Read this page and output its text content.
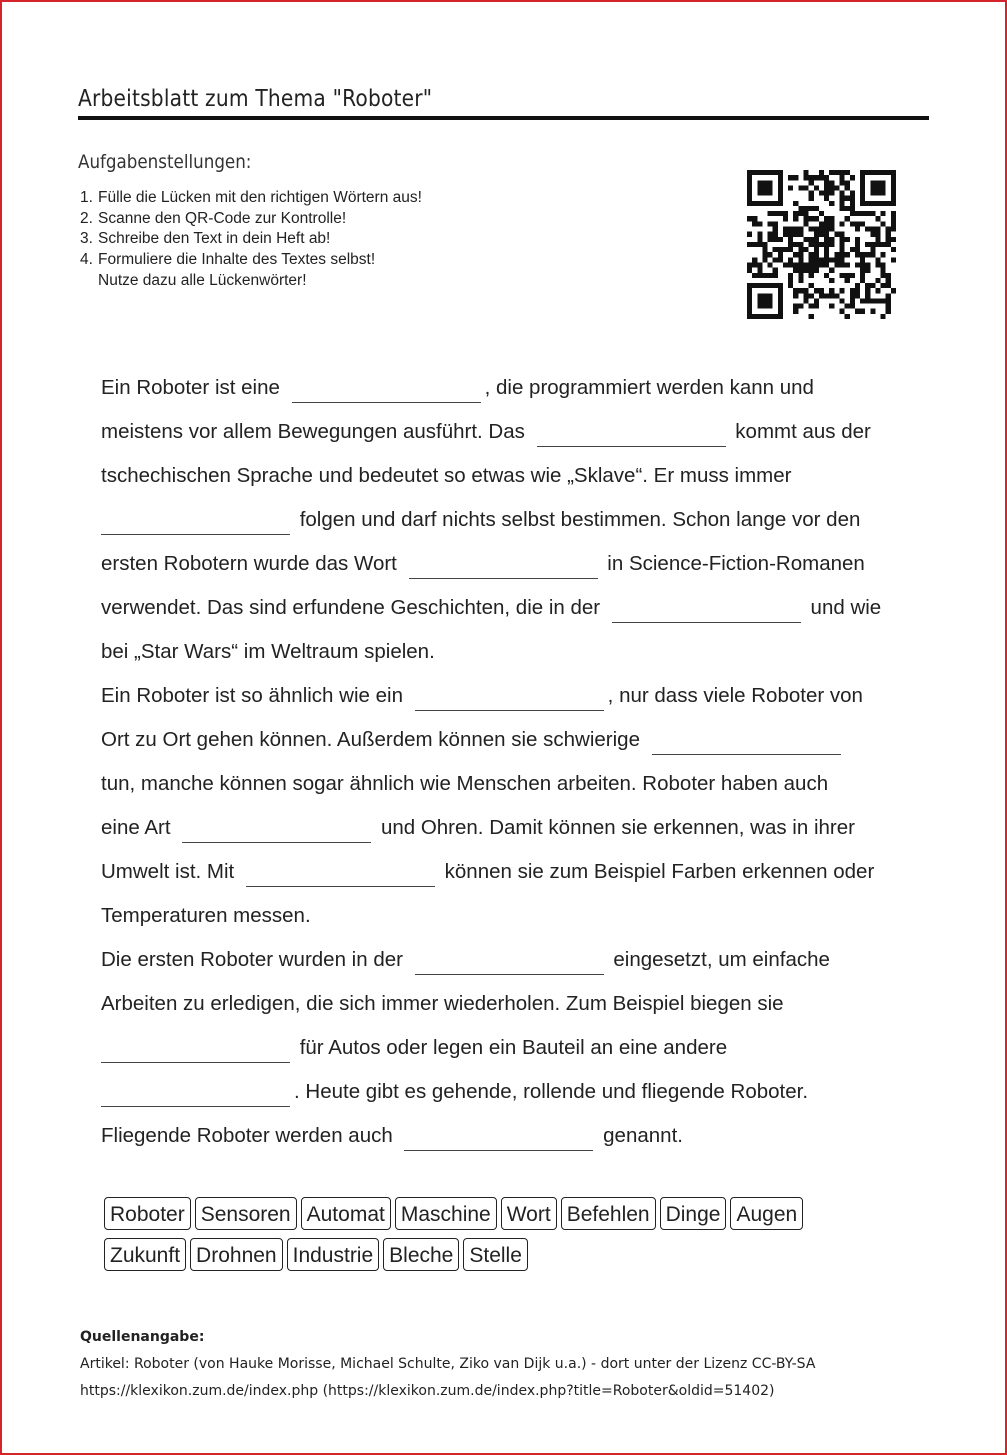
Arbeitsblatt zum Thema "Roboter"
Aufgabenstellungen:
1. Fülle die Lücken mit den richtigen Wörtern aus!
2. Scanne den QR-Code zur Kontrolle!
3. Schreibe den Text in dein Heft ab!
4. Formuliere die Inhalte des Textes selbst!
Nutze dazu alle Lückenwörter!
Ein Roboter ist eine	, die programmiert werden kann und
meistens vor allem Bewegungen ausführt. Das	kommt aus der
tschechischen Sprache und bedeutet so etwas wie „Sklave“. Er muss immer
folgen und darf nichts selbst bestimmen. Schon lange vor den
ersten Robotern wurde das Wort	in Science-Fiction-Romanen
verwendet. Das sind erfundene Geschichten, die in der	und wie
bei „Star Wars“ im Weltraum spielen.
Ein Roboter ist so ähnlich wie ein	, nur dass viele Roboter von
Ort zu Ort gehen können. Außerdem können sie schwierige
tun, manche können sogar ähnlich wie Menschen arbeiten. Roboter haben auch
eine Art	und Ohren. Damit können sie erkennen, was in ihrer
Umwelt ist. Mit	können sie zum Beispiel Farben erkennen oder
Temperaturen messen.
Die ersten Roboter wurden in der	eingesetzt, um einfache
Arbeiten zu erledigen, die sich immer wiederholen. Zum Beispiel biegen sie
für Autos oder legen ein Bauteil an eine andere
. Heute gibt es gehende, rollende und fliegende Roboter.
Fliegende Roboter werden auch	genannt.
Roboter Sensoren Automat Maschine Wort Befehlen Dinge Augen
Zukunft Drohnen Industrie Bleche Stelle
Quellenangabe:
Artikel: Roboter (von Hauke Morisse, Michael Schulte, Ziko van Dijk u.a.) - dort unter der Lizenz CC-BY-SA
https://klexikon.zum.de/index.php (https://klexikon.zum.de/index.php?title=Roboter&oldid=51402)
